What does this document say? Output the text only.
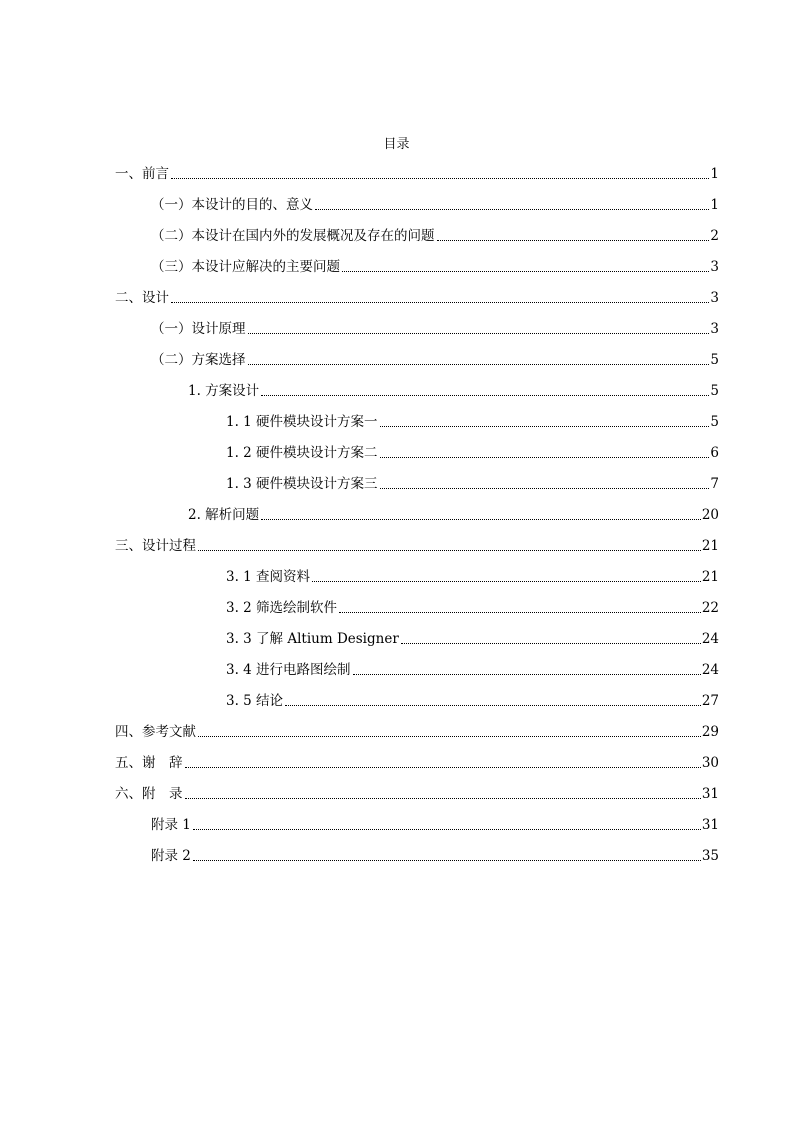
目录
一、前言	1
（一）本设计的目的、意义	1
（二）本设计在国内外的发展概况及存在的问题	2
（三）本设计应解决的主要问题	3
二、设计	3
（一）设计原理	3
（二）方案选择	5
1. 方案设计	5
1. 1 硬件模块设计方案一	5
1. 2 硬件模块设计方案二	6
1. 3 硬件模块设计方案三	7
2. 解析问题	20
三、设计过程	21
3. 1 查阅资料	21
3. 2 筛选绘制软件	22
3. 3 了解 Altium Designer	24
3. 4 进行电路图绘制	24
3. 5 结论	27
四、参考文献	29
五、谢　辞	30
六、附　录	31
附录 1	31
附录 2	35
